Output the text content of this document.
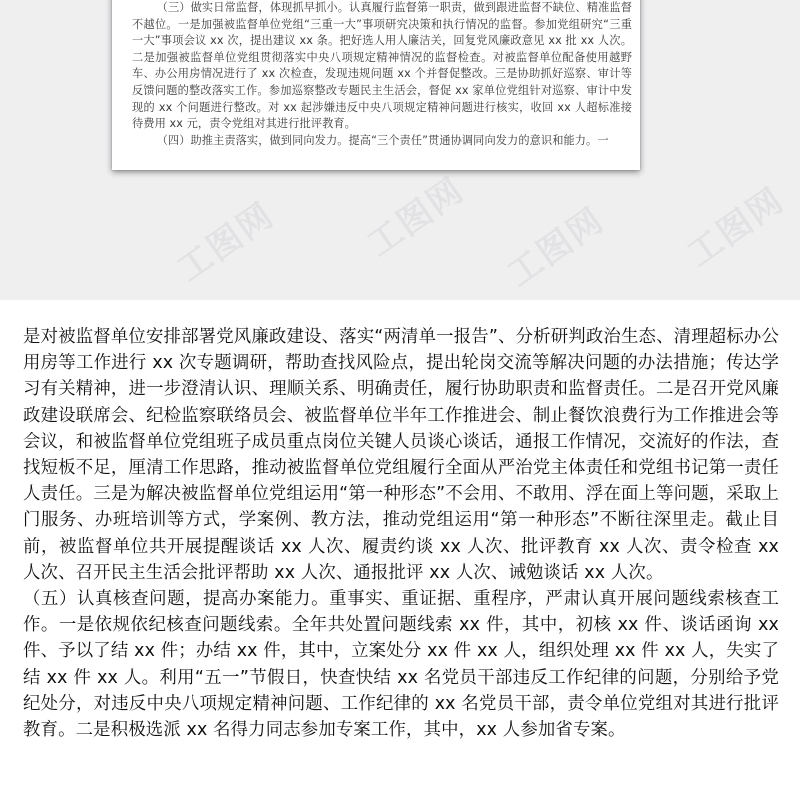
工图网 工图网 工图网 工图网

（三）做实日常监督，体现抓早抓小。认真履行监督第一职责，做到跟进监督不缺位、精准监督不越位。一是加强被监督单位党组“三重一大”事项研究决策和执行情况的监督。参加党组研究“三重一大”事项会议 xx 次，提出建议 xx 条。把好选人用人廉洁关，回复党风廉政意见 xx 批 xx 人次。二是加强被监督单位党组贯彻落实中央八项规定精神情况的监督检查。对被监督单位配备使用越野车、办公用房情况进行了 xx 次检查，发现违规问题 xx 个并督促整改。三是协助抓好巡察、审计等反馈问题的整改落实工作。参加巡察整改专题民主生活会，督促 xx 家单位党组针对巡察、审计中发现的 xx 个问题进行整改。对 xx 起涉嫌违反中央八项规定精神问题进行核实，收回 xx 人超标准接待费用 xx 元，责令党组对其进行批评教育。

（四）助推主责落实，做到同向发力。提高“三个责任”贯通协调同向发力的意识和能力。一

是对被监督单位安排部署党风廉政建设、落实“两清单一报告”、分析研判政治生态、清理超标办公用房等工作进行 xx 次专题调研，帮助查找风险点，提出轮岗交流等解决问题的办法措施；传达学习有关精神，进一步澄清认识、理顺关系、明确责任，履行协助职责和监督责任。二是召开党风廉政建设联席会、纪检监察联络员会、被监督单位半年工作推进会、制止餐饮浪费行为工作推进会等会议，和被监督单位党组班子成员重点岗位关键人员谈心谈话，通报工作情况，交流好的作法，查找短板不足，厘清工作思路，推动被监督单位党组履行全面从严治党主体责任和党组书记第一责任人责任。三是为解决被监督单位党组运用“第一种形态”不会用、不敢用、浮在面上等问题，采取上门服务、办班培训等方式，学案例、教方法，推动党组运用“第一种形态”不断往深里走。截止目前，被监督单位共开展提醒谈话 xx 人次、履责约谈 xx 人次、批评教育 xx 人次、责令检查 xx 人次、召开民主生活会批评帮助 xx 人次、通报批评 xx 人次、诫勉谈话 xx 人次。

（五）认真核查问题，提高办案能力。重事实、重证据、重程序，严肃认真开展问题线索核查工作。一是依规依纪核查问题线索。全年共处置问题线索 xx 件，其中，初核 xx 件、谈话函询 xx 件、予以了结 xx 件；办结 xx 件，其中，立案处分 xx 件 xx 人，组织处理 xx 件 xx 人，失实了结 xx 件 xx 人。利用“五一”节假日，快查快结 xx 名党员干部违反工作纪律的问题，分别给予党纪处分，对违反中央八项规定精神问题、工作纪律的 xx 名党员干部，责令单位党组对其进行批评教育。二是积极选派 xx 名得力同志参加专案工作，其中，xx 人参加省专案。
